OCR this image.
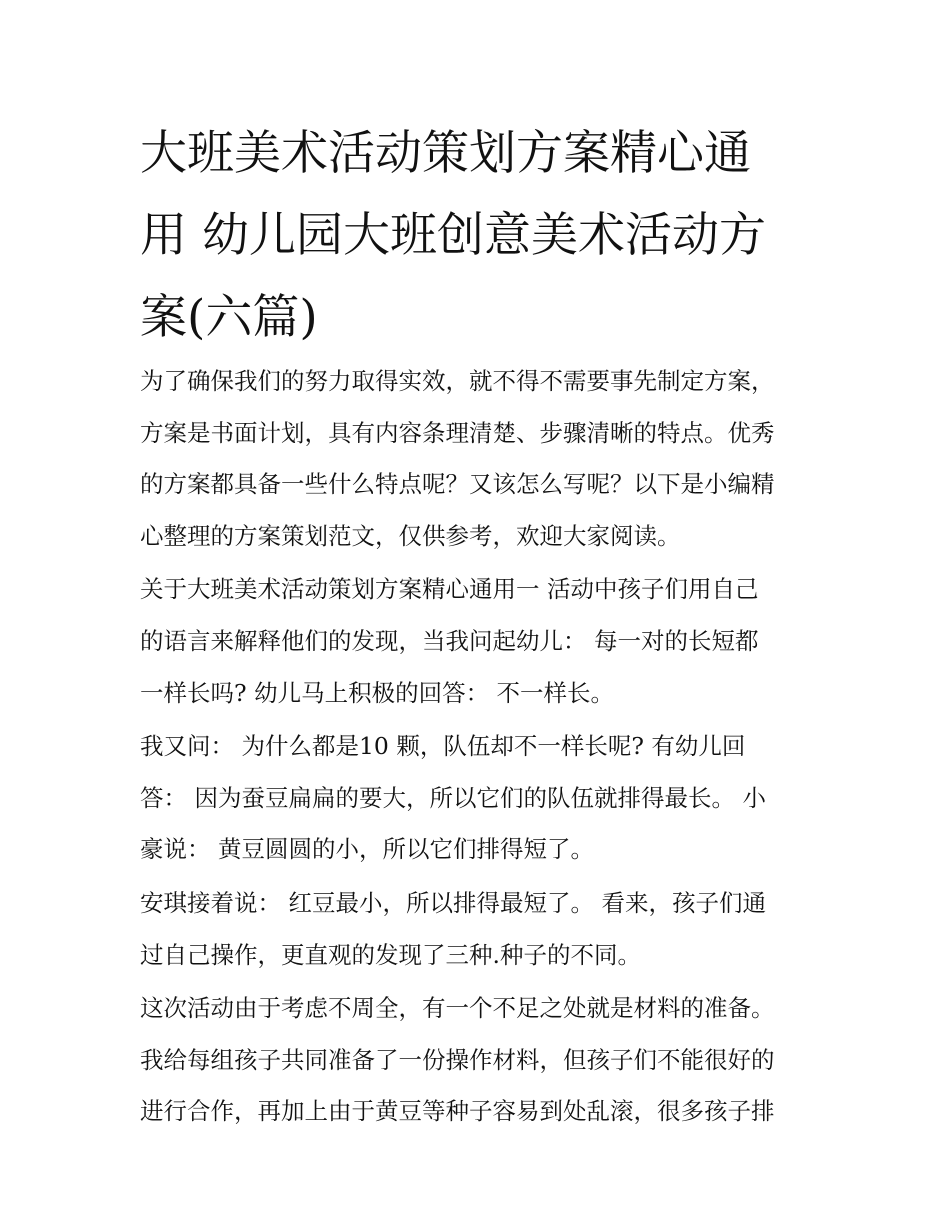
大班美术活动策划方案精心通
用 幼儿园大班创意美术活动方
案(六篇)

为了确保我们的努力取得实效，就不得不需要事先制定方案，
方案是书面计划，具有内容条理清楚、步骤清晰的特点。优秀
的方案都具备一些什么特点呢？又该怎么写呢？以下是小编精
心整理的方案策划范文，仅供参考，欢迎大家阅读。

关于大班美术活动策划方案精心通用一 活动中孩子们用自己
的语言来解释他们的发现，当我问起幼儿： 每一对的长短都
一样长吗? 幼儿马上积极的回答： 不一样长。

我又问： 为什么都是10 颗，队伍却不一样长呢? 有幼儿回
答： 因为蚕豆扁扁的要大，所以它们的队伍就排得最长。 小
豪说： 黄豆圆圆的小，所以它们排得短了。

安琪接着说： 红豆最小，所以排得最短了。 看来，孩子们通
过自己操作，更直观的发现了三种.种子的不同。

这次活动由于考虑不周全，有一个不足之处就是材料的准备。
我给每组孩子共同准备了一份操作材料，但孩子们不能很好的
进行合作，再加上由于黄豆等种子容易到处乱滚，很多孩子排
